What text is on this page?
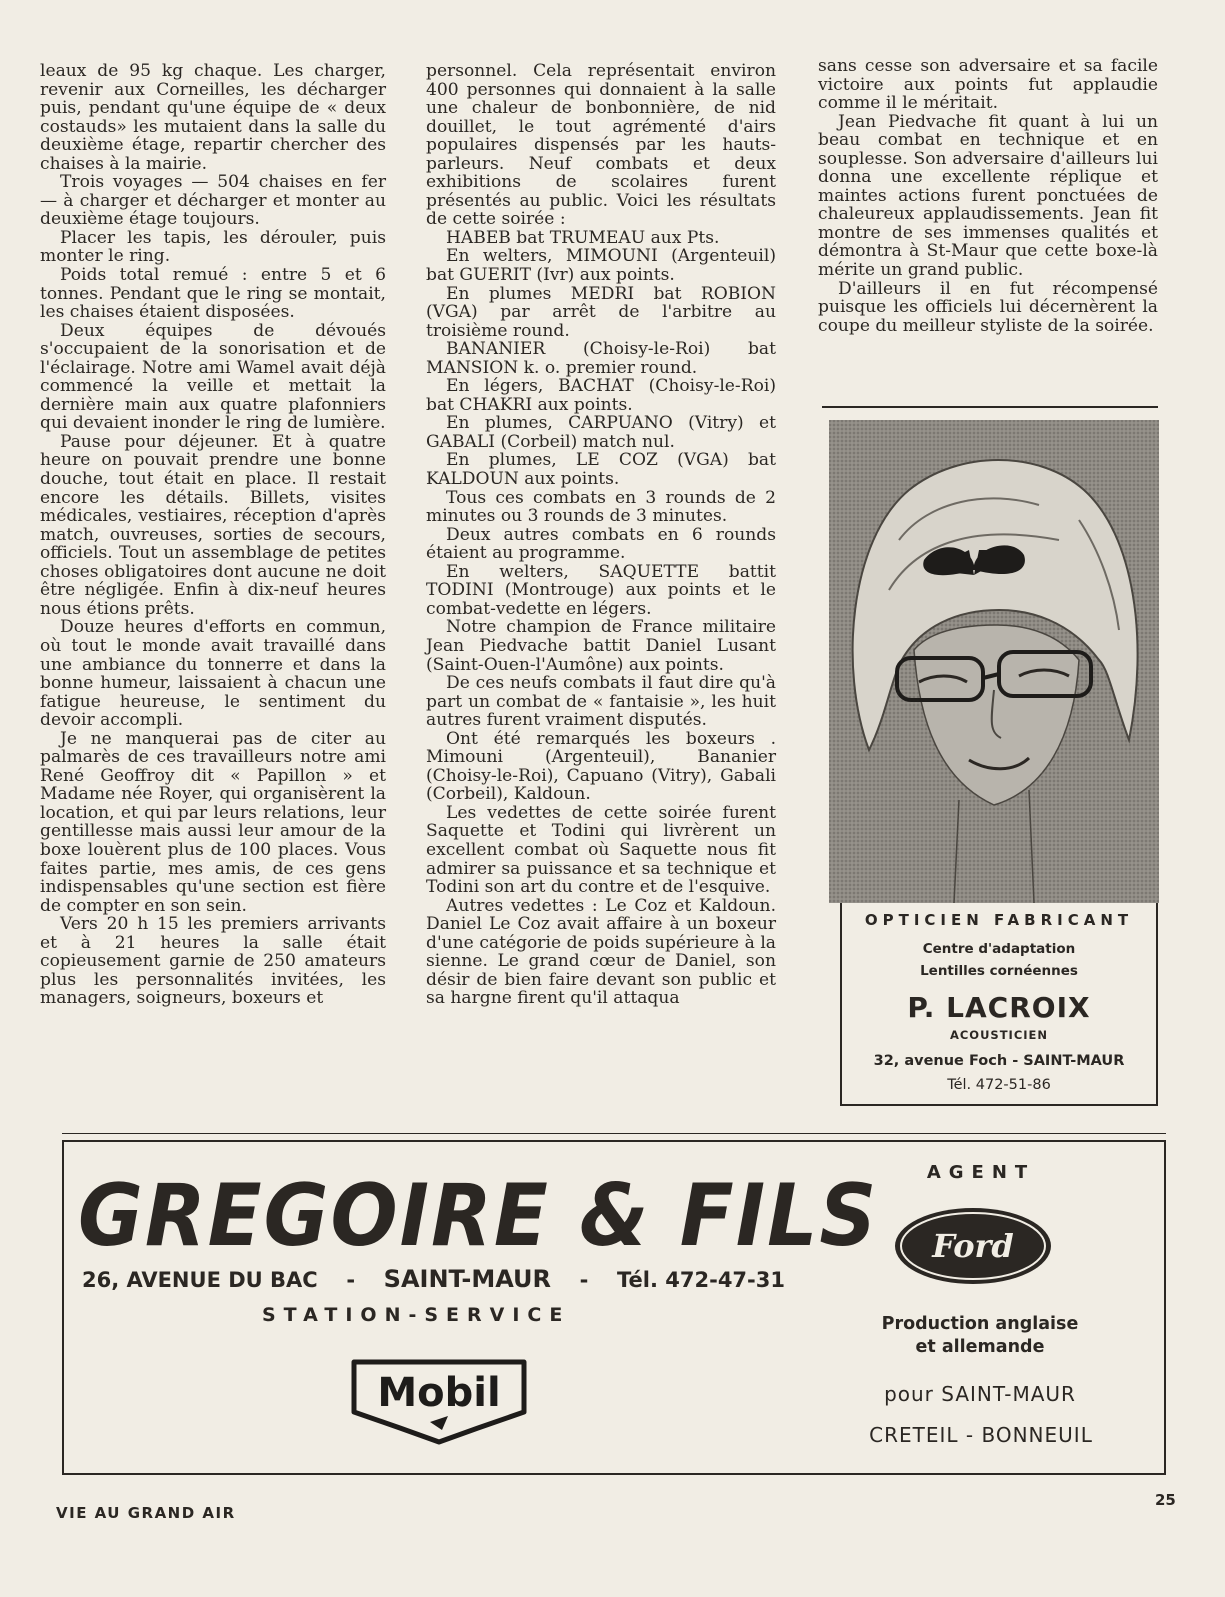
leaux de 95 kg chaque. Les charger, revenir aux Corneilles, les décharger puis, pendant qu'une équipe de « deux costauds» les mutaient dans la salle du deuxième étage, repartir chercher des chaises à la mairie.

Trois voyages — 504 chaises en fer — à charger et décharger et monter au deuxième étage toujours.

Placer les tapis, les dérouler, puis monter le ring.

Poids total remué : entre 5 et 6 tonnes. Pendant que le ring se montait, les chaises étaient disposées.

Deux équipes de dévoués s'occupaient de la sonorisation et de l'éclairage. Notre ami Wamel avait déjà commencé la veille et mettait la dernière main aux quatre plafonniers qui devaient inonder le ring de lumière.

Pause pour déjeuner. Et à quatre heure on pouvait prendre une bonne douche, tout était en place. Il restait encore les détails. Billets, visites médicales, vestiaires, réception d'après match, ouvreuses, sorties de secours, officiels. Tout un assemblage de petites choses obligatoires dont aucune ne doit être négligée. Enfin à dix-neuf heures nous étions prêts.

Douze heures d'efforts en commun, où tout le monde avait travaillé dans une ambiance du tonnerre et dans la bonne humeur, laissaient à chacun une fatigue heureuse, le sentiment du devoir accompli.

Je ne manquerai pas de citer au palmarès de ces travailleurs notre ami René Geoffroy dit « Papillon » et Madame née Royer, qui organisèrent la location, et qui par leurs relations, leur gentillesse mais aussi leur amour de la boxe louèrent plus de 100 places. Vous faites partie, mes amis, de ces gens indispensables qu'une section est fière de compter en son sein.

Vers 20 h 15 les premiers arrivants et à 21 heures la salle était copieusement garnie de 250 amateurs plus les personnalités invitées, les managers, soigneurs, boxeurs et

personnel. Cela représentait environ 400 personnes qui donnaient à la salle une chaleur de bonbonnière, de nid douillet, le tout agrémenté d'airs populaires dispensés par les hauts-parleurs. Neuf combats et deux exhibitions de scolaires furent présentés au public. Voici les résultats de cette soirée :

HABEB bat TRUMEAU aux Pts.

En welters, MIMOUNI (Argenteuil) bat GUERIT (Ivr) aux points.

En plumes MEDRI bat ROBION (VGA) par arrêt de l'arbitre au troisième round.

BANANIER (Choisy-le-Roi) bat MANSION k. o. premier round.

En légers, BACHAT (Choisy-le-Roi) bat CHAKRI aux points.

En plumes, CARPUANO (Vitry) et GABALI (Corbeil) match nul.

En plumes, LE COZ (VGA) bat KALDOUN aux points.

Tous ces combats en 3 rounds de 2 minutes ou 3 rounds de 3 minutes.

Deux autres combats en 6 rounds étaient au programme.

En welters, SAQUETTE battit TODINI (Montrouge) aux points et le combat-vedette en légers.

Notre champion de France militaire Jean Piedvache battit Daniel Lusant (Saint-Ouen-l'Aumône) aux points.

De ces neufs combats il faut dire qu'à part un combat de « fantaisie », les huit autres furent vraiment disputés.

Ont été remarqués les boxeurs . Mimouni (Argenteuil), Bananier (Choisy-le-Roi), Capuano (Vitry), Gabali (Corbeil), Kaldoun.

Les vedettes de cette soirée furent Saquette et Todini qui livrèrent un excellent combat où Saquette nous fit admirer sa puissance et sa technique et Todini son art du contre et de l'esquive.

Autres vedettes : Le Coz et Kaldoun. Daniel Le Coz avait affaire à un boxeur d'une catégorie de poids supérieure à la sienne. Le grand cœur de Daniel, son désir de bien faire devant son public et sa hargne firent qu'il attaqua

sans cesse son adversaire et sa facile victoire aux points fut applaudie comme il le méritait.

Jean Piedvache fit quant à lui un beau combat en technique et en souplesse. Son adversaire d'ailleurs lui donna une excellente réplique et maintes actions furent ponctuées de chaleureux applaudissements. Jean fit montre de ses immenses qualités et démontra à St-Maur que cette boxe-là mérite un grand public.

D'ailleurs il en fut récompensé puisque les officiels lui décernèrent la coupe du meilleur styliste de la soirée.

OPTICIEN FABRICANT
Centre d'adaptation
Lentilles cornéennes
P. LACROIX
ACOUSTICIEN
32, avenue Foch - SAINT-MAUR
Tél. 472-51-86
GREGOIRE & FILS
26, AVENUE DU BAC - SAINT-MAUR - Tél. 472-47-31
STATION-SERVICE
Mobil
AGENT
Ford
Production anglaise
et allemande
pour SAINT-MAUR
CRETEIL - BONNEUIL
VIE AU GRAND AIR
25
